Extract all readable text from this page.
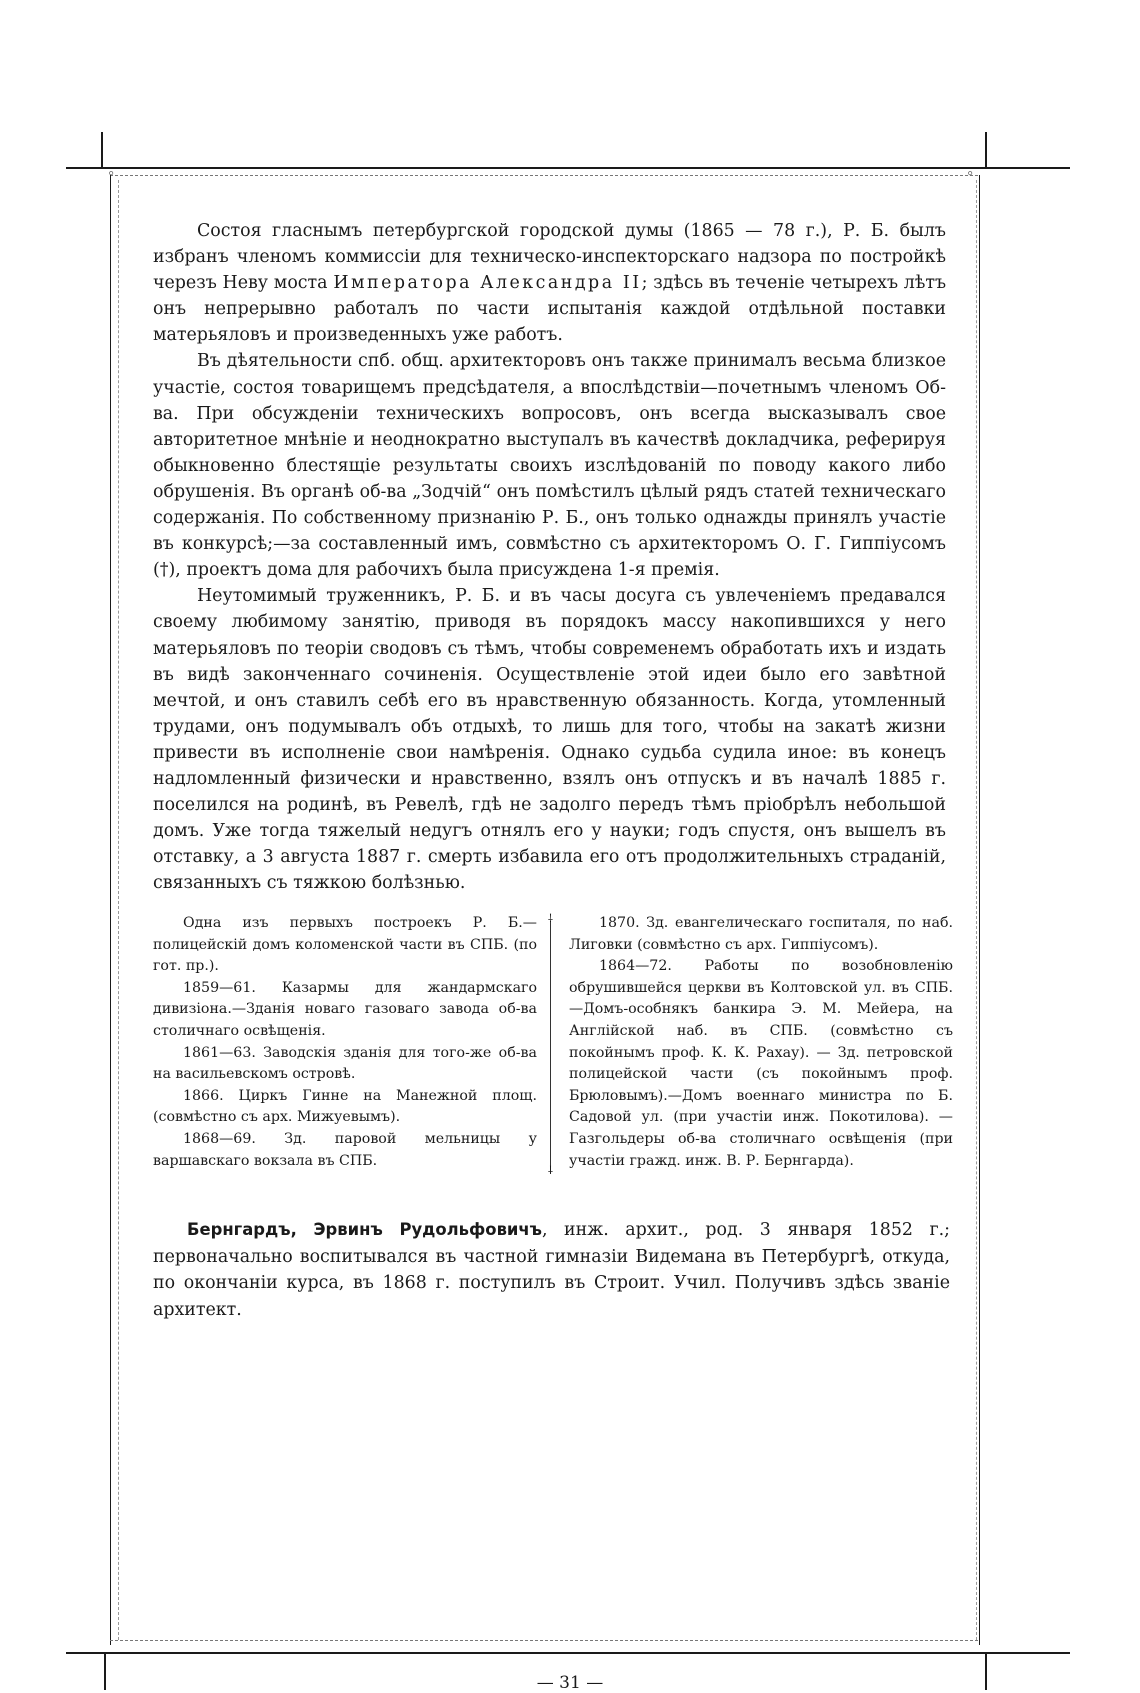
⸰	⸰

Состоя гласнымъ петербургской городской думы (1865 — 78 г.), Р. Б. былъ избранъ членомъ коммиссiи для техническо-инспекторскаго надзора по постройкѣ черезъ Неву моста Императора Александра II; здѣсь въ теченiе четырехъ лѣтъ онъ непрерывно работалъ по части испытанiя каждой отдѣльной поставки матерьяловъ и произведенныхъ уже работъ.

Въ дѣятельности спб. общ. архитекторовъ онъ также принималъ весьма близкое участiе, состоя товарищемъ предсѣдателя, а впослѣдствiи—почетнымъ членомъ Об-ва. При обсужденiи техническихъ вопросовъ, онъ всегда высказывалъ свое авторитетное мнѣнiе и неоднократно выступалъ въ качествѣ докладчика, реферируя обыкновенно блестящiе результаты своихъ изслѣдованiй по поводу какого либо обрушенiя. Въ органѣ об-ва „Зодчiй“ онъ помѣстилъ цѣлый рядъ статей техническаго содержанiя. По собственному признанiю Р. Б., онъ только однажды принялъ участiе въ конкурсѣ;—за составленный имъ, совмѣстно съ архитекторомъ О. Г. Гиппiусомъ (†), проектъ дома для рабочихъ была присуждена 1-я премiя.

Неутомимый труженникъ, Р. Б. и въ часы досуга съ увлеченiемъ предавался своему любимому занятiю, приводя въ порядокъ массу накопившихся у него матерьяловъ по теорiи сводовъ съ тѣмъ, чтобы современемъ обработать ихъ и издать въ видѣ законченнаго сочиненiя. Осуществленiе этой идеи было его завѣтной мечтой, и онъ ставилъ себѣ его въ нравственную обязанность. Когда, утомленный трудами, онъ подумывалъ объ отдыхѣ, то лишь для того, чтобы на закатѣ жизни привести въ исполненiе свои намѣренiя. Однако судьба судила иное: въ конецъ надломленный физически и нравственно, взялъ онъ отпускъ и въ началѣ 1885 г. поселился на родинѣ, въ Ревелѣ, гдѣ не задолго передъ тѣмъ прiобрѣлъ небольшой домъ. Уже тогда тяжелый недугъ отнялъ его у науки; годъ спустя, онъ вышелъ въ отставку, а 3 августа 1887 г. смерть избавила его отъ продолжительныхъ страданiй, связанныхъ съ тяжкою болѣзнью.

Одна изъ первыхъ построекъ Р. Б.—полицейскiй домъ коломенской части въ СПБ. (по гот. пр.).

1859—61. Казармы для жандармскаго дивизiона.—Зданiя новаго газоваго завода об-ва столичнаго освѣщенiя.

1861—63. Заводскiя зданiя для того-же об-ва на васильевскомъ островѣ.

1866. Циркъ Гинне на Манежной площ. (совмѣстно съ арх. Мижуевымъ).

1868—69. Зд. паровой мельницы у варшавскаго вокзала въ СПБ.

⸸
⸸

1870. Зд. евангелическаго госпиталя, по наб. Лиговки (совмѣстно съ арх. Гиппiусомъ).

1864—72. Работы по возобновленiю обрушившейся церкви въ Колтовской ул. въ СПБ.—Домъ-особнякъ банкира Э. М. Мейера, на Англiйской наб. въ СПБ. (совмѣстно съ покойнымъ проф. К. К. Рахау). — Зд. петровской полицейской части (съ покойнымъ проф. Брюловымъ).—Домъ военнаго министра по Б. Садовой ул. (при участiи инж. Покотилова). — Газгольдеры об-ва столичнаго освѣщенiя (при участiи гражд. инж. В. Р. Бернгарда).

Бернгардъ, Эрвинъ Рудольфовичъ, инж. архит., род. 3 января 1852 г.; первоначально воспитывался въ частной гимназiи Видемана въ Петербургѣ, откуда, по окончанiи курса, въ 1868 г. поступилъ въ Строит. Учил. Получивъ здѣсь званiе архитект.

— 31 —
